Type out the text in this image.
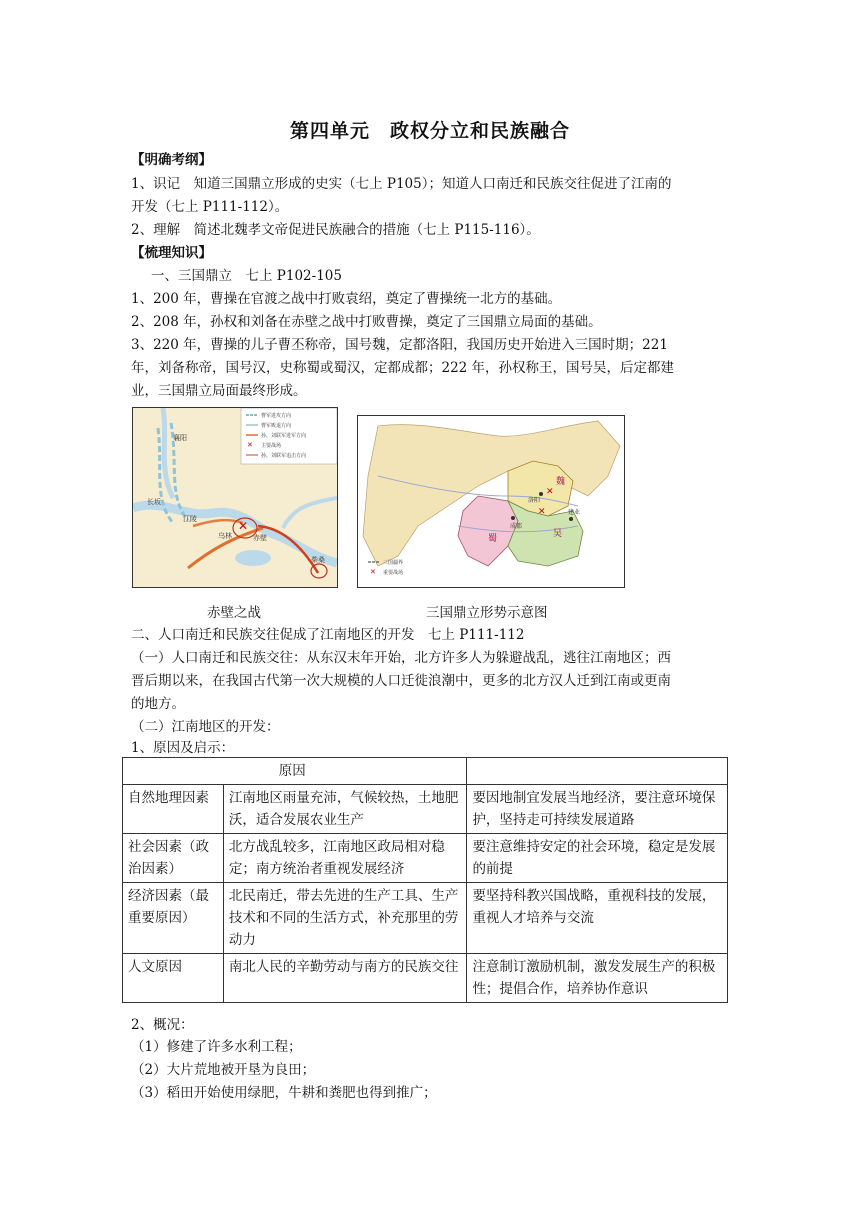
第四单元　政权分立和民族融合
【明确考纲】
1、识记　知道三国鼎立形成的史实（七上 P105）；知道人口南迁和民族交往促进了江南的
开发（七上 P111-112）。
2、理解　简述北魏孝文帝促进民族融合的措施（七上 P115-116）。
【梳理知识】
一、三国鼎立　七上 P102-105
1、200 年，曹操在官渡之战中打败袁绍，奠定了曹操统一北方的基础。
2、208 年，孙权和刘备在赤壁之战中打败曹操，奠定了三国鼎立局面的基础。
3、220 年，曹操的儿子曹丕称帝，国号魏，定都洛阳，我国历史开始进入三国时期；221
年，刘备称帝，国号汉，史称蜀或蜀汉，定都成都；222 年，孙权称王，国号吴，后定都建
业，三国鼎立局面最终形成。
✕
曹军进攻方向
曹军败退方向
孙、刘联军进军方向
主要战场
孙、刘联军追击方向
✕
襄阳
长坂
江陵
乌林	赤壁
柴桑
✕
✕
魏
蜀	吴
洛阳
成都
建业
三国疆界
✕ 重要战场
赤壁之战	三国鼎立形势示意图
二、人口南迁和民族交往促成了江南地区的开发　七上 P111-112
（一）人口南迁和民族交往：从东汉末年开始，北方许多人为躲避战乱，逃往江南地区；西
晋后期以来，在我国古代第一次大规模的人口迁徙浪潮中，更多的北方汉人迁到江南或更南
的地方。
（二）江南地区的开发：
1、原因及启示：
原因		
自然地理因素	江南地区雨量充沛，气候较热，土地肥沃，适合发展农业生产	要因地制宜发展当地经济，要注意环境保护，坚持走可持续发展道路
社会因素（政治因素）	北方战乱较多，江南地区政局相对稳定；南方统治者重视发展经济	要注意维持安定的社会环境，稳定是发展的前提
经济因素（最重要原因）	北民南迁，带去先进的生产工具、生产技术和不同的生活方式，补充那里的劳动力	要坚持科教兴国战略，重视科技的发展，重视人才培养与交流
人文原因	南北人民的辛勤劳动与南方的民族交往	注意制订激励机制，激发发展生产的积极性；提倡合作，培养协作意识
2、概况：
（1）修建了许多水利工程；
（2）大片荒地被开垦为良田；
（3）稻田开始使用绿肥，牛耕和粪肥也得到推广；
